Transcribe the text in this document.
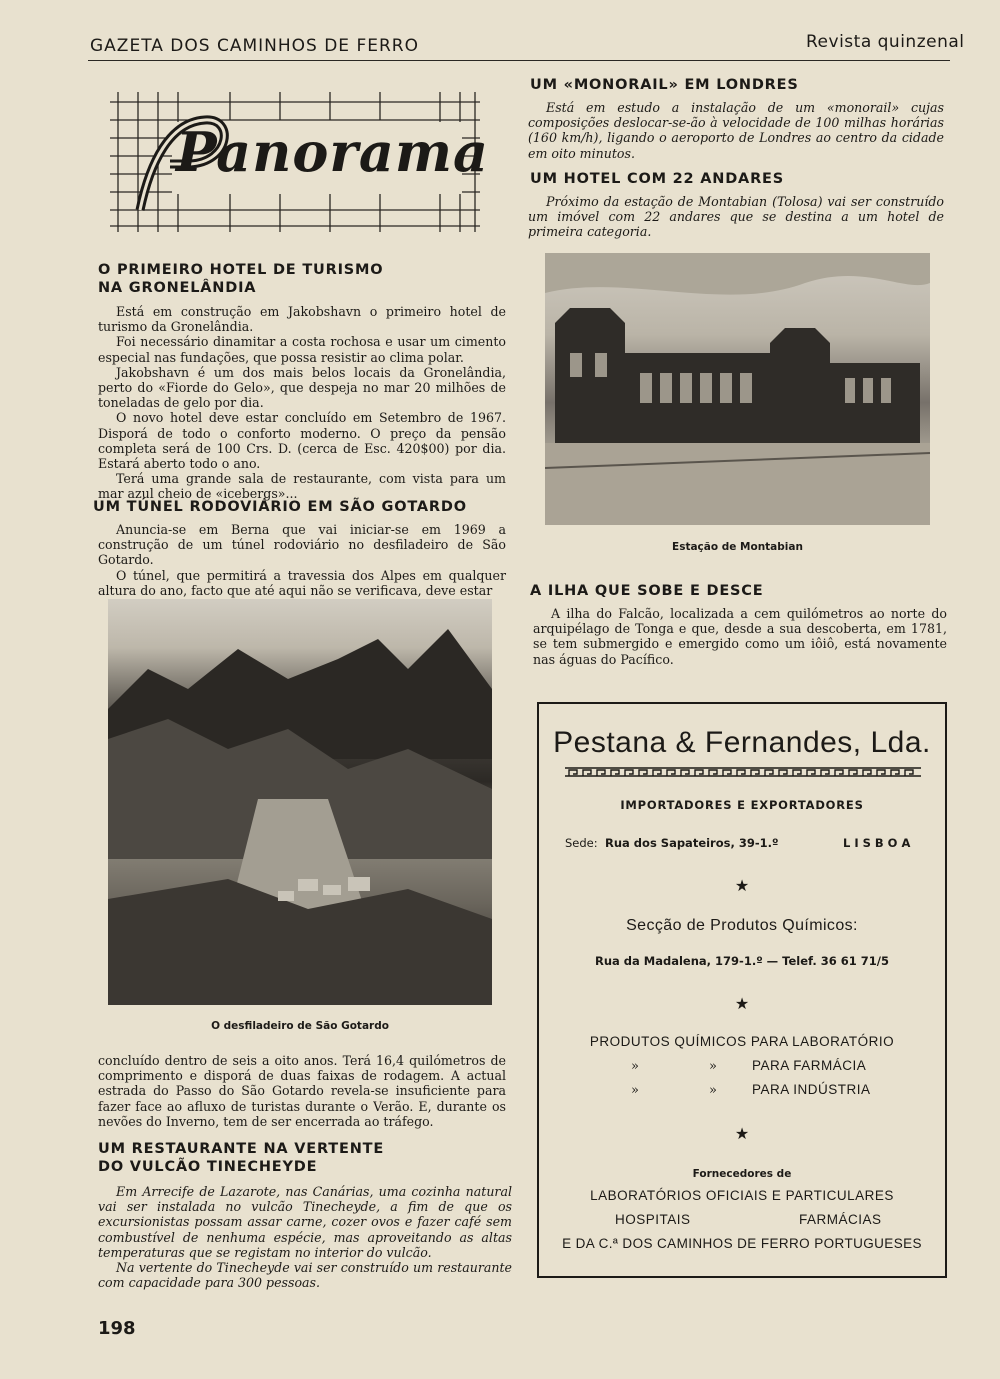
GAZETA DOS CAMINHOS DE FERRO	Revista quinzenal
Panorama
O PRIMEIRO HOTEL DE TURISMO
NA GRONELÂNDIA

Está em construção em Jakobshavn o primeiro hotel de turismo da Gronelândia.

Foi necessário dinamitar a costa rochosa e usar um cimento especial nas fundações, que possa resistir ao clima polar.

Jakobshavn é um dos mais belos locais da Gronelândia, perto do «Fiorde do Gelo», que despeja no mar 20 milhões de toneladas de gelo por dia.

O novo hotel deve estar concluído em Setembro de 1967. Disporá de todo o conforto moderno. O preço da pensão completa será de 100 Crs. D. (cerca de Esc. 420$00) por dia. Estará aberto todo o ano.

Terá uma grande sala de restaurante, com vista para um mar azul cheio de «icebergs»...

UM TÚNEL RODOVIÁRIO EM SÃO GOTARDO

Anuncia-se em Berna que vai iniciar-se em 1969 a construção de um túnel rodoviário no desfiladeiro de São Gotardo.

O túnel, que permitirá a travessia dos Alpes em qualquer altura do ano, facto que até aqui não se verificava, deve estar

O desfiladeiro de São Gotardo

concluído dentro de seis a oito anos. Terá 16,4 quilómetros de comprimento e disporá de duas faixas de rodagem. A actual estrada do Passo do São Gotardo revela-se insuficiente para fazer face ao afluxo de turistas durante o Verão. E, durante os nevões do Inverno, tem de ser encerrada ao tráfego.

UM RESTAURANTE NA VERTENTE
DO VULCÃO TINECHEYDE

Em Arrecife de Lazarote, nas Canárias, uma cozinha natural vai ser instalada no vulcão Tinecheyde, a fim de que os excursionistas possam assar carne, cozer ovos e fazer café sem combustível de nenhuma espécie, mas aproveitando as altas temperaturas que se registam no interior do vulcão.

Na vertente do Tinecheyde vai ser construído um restaurante com capacidade para 300 pessoas.

UM «MONORAIL» EM LONDRES

Está em estudo a instalação de um «monorail» cujas composições deslocar-se-ão à velocidade de 100 milhas horárias (160 km/h), ligando o aeroporto de Londres ao centro da cidade em oito minutos.

UM HOTEL COM 22 ANDARES

Próximo da estação de Montabian (Tolosa) vai ser construído um imóvel com 22 andares que se destina a um hotel de primeira categoria.

Estação de Montabian
A ILHA QUE SOBE E DESCE

A ilha do Falcão, localizada a cem quilómetros ao norte do arquipélago de Tonga e que, desde a sua descoberta, em 1781, se tem submergido e emergido como um iôiô, está novamente nas águas do Pacífico.

Pestana & Fernandes, Lda.
IMPORTADORES E EXPORTADORES
Sede: Rua dos Sapateiros, 39-1.º	L I S B O A
★
Secção de Produtos Químicos:
Rua da Madalena, 179-1.º — Telef. 36 61 71/5
★
PRODUTOS QUÍMICOS PARA LABORATÓRIO
»	»	PARA FARMÁCIA
»	»	PARA INDÚSTRIA
★
Fornecedores de
LABORATÓRIOS OFICIAIS E PARTICULARES
HOSPITAIS	FARMÁCIAS
E DA C.ª DOS CAMINHOS DE FERRO PORTUGUESES
198
